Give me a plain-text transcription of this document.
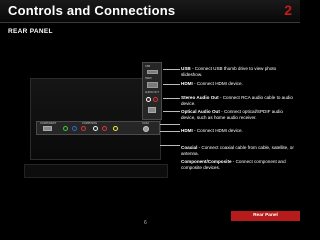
Controls and Connections	2
REAR PANEL
USB
HDMI
AUDIO OUT
COMPONENT	COMPOSITE	COAX
USB - Connect USB thumb drive to view photo slideshow.
HDMI - Connect HDMI device.
Stereo Audio Out - Connect RCA audio cable to audio device.
Optical Audio Out - Connect optical/SPDIF audio device, such as home audio receiver.
HDMI - Connect HDMI device.
Coaxial - Connect coaxial cable from cable, satellite, or antenna.
Component/Composite - Connect component and composite devices.
6
Rear Panel
